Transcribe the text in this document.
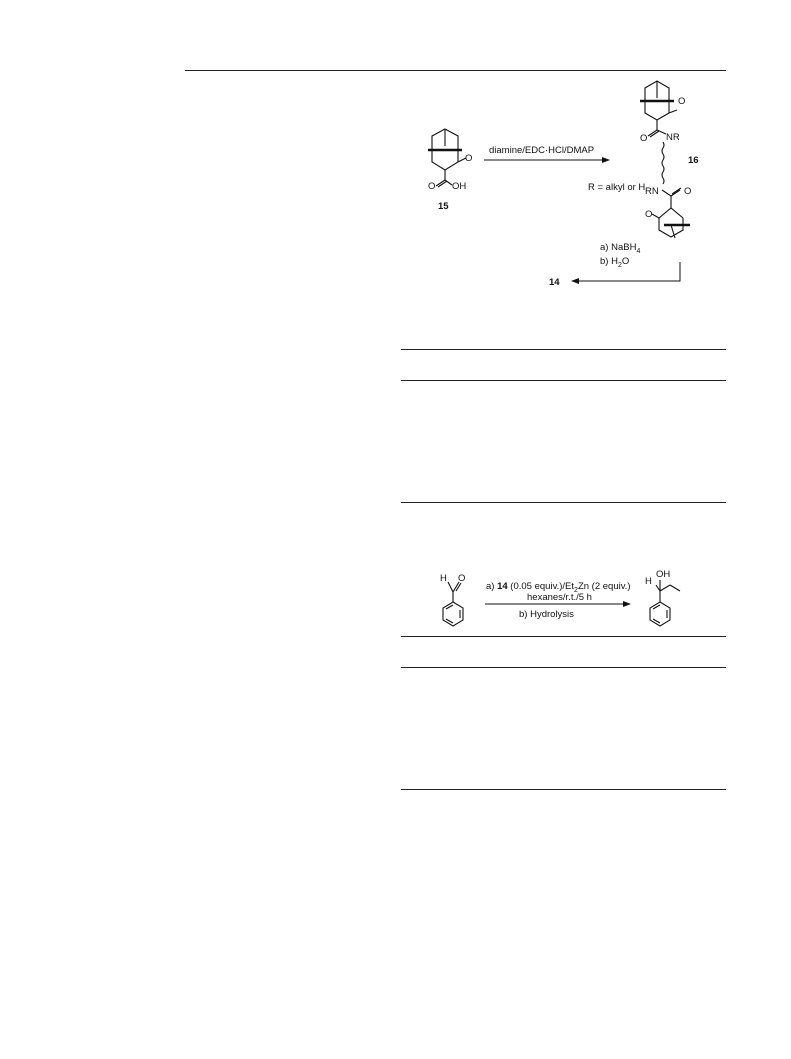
O
O OH
15
diamine/EDC·HCl/DMAP
R = alkyl or H
O
O NR
16
RN	O
O
a) NaBH$_4$
b) $H_2O$
14
H O
a) 14 (0.05 $equiv.)/Et_2Zn$ (2 equiv.)
hexanes/r.t./5 h
b) Hydrolysis
OH
H
